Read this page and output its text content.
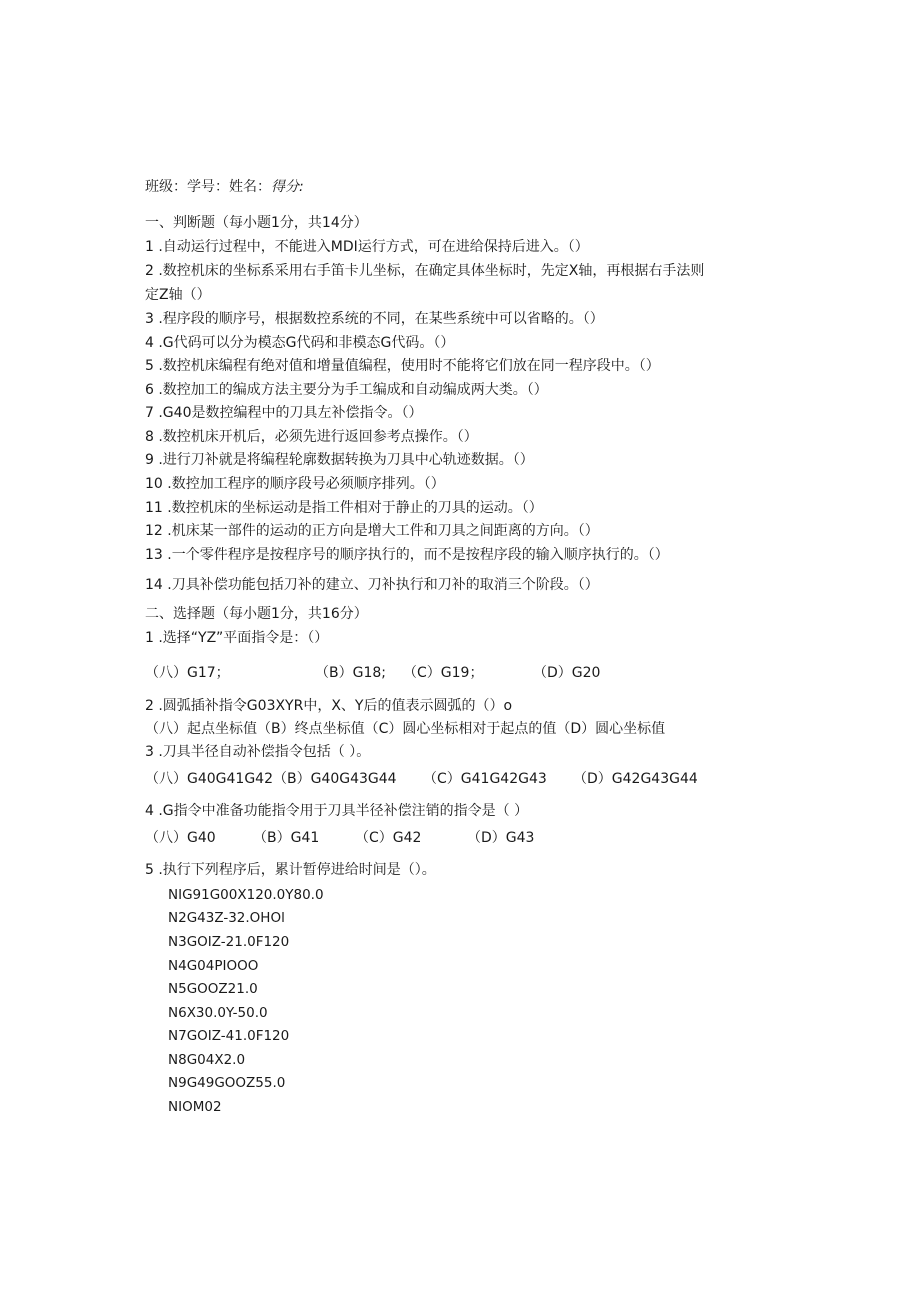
班级：学号：姓名：得分:
一、判断题（每小题1分，共14分）
1 .自动运行过程中，不能进入MDI运行方式，可在进给保持后进入。（）
2 .数控机床的坐标系采用右手笛卡儿坐标，在确定具体坐标时，先定X轴，再根据右手法则
定Z轴（）
3 .程序段的顺序号，根据数控系统的不同，在某些系统中可以省略的。（）
4 .G代码可以分为模态G代码和非模态G代码。（）
5 .数控机床编程有绝对值和增量值编程，使用时不能将它们放在同一程序段中。（）
6 .数控加工的编成方法主要分为手工编成和自动编成两大类。（）
7 .G40是数控编程中的刀具左补偿指令。（）
8 .数控机床开机后，必须先进行返回参考点操作。（）
9 .进行刀补就是将编程轮廓数据转换为刀具中心轨迹数据。（）
10 .数控加工程序的顺序段号必须顺序排列。（）
11 .数控机床的坐标运动是指工件相对于静止的刀具的运动。（）
12 .机床某一部件的运动的正方向是增大工件和刀具之间距离的方向。（）
13 .一个零件程序是按程序号的顺序执行的，而不是按程序段的输入顺序执行的。（）
14 .刀具补偿功能包括刀补的建立、刀补执行和刀补的取消三个阶段。（）
二、选择题（每小题1分，共16分）
1 .选择“YZ”平面指令是：（）
（八）G17；	（B）G18; （C）G19；	（D）G20
2 .圆弧插补指令G03XYR中，X、Y后的值表示圆弧的（）o
（八）起点坐标值（B）终点坐标值（C）圆心坐标相对于起点的值（D）圆心坐标值
3 .刀具半径自动补偿指令包括（ ）。
（八）G40G41G42（B）G40G43G44 （C）G41G42G43 （D）G42G43G44
4 .G指令中准备功能指令用于刀具半径补偿注销的指令是（ ）
（八）G40	（B）G41	（C）G42	（D）G43
5 .执行下列程序后，累计暂停进给时间是（）。
NIG91G00X120.0Y80.0
N2G43Z-32.OHOl
N3GOIZ-21.0F120
N4G04PIOOO
N5GOOZ21.0
N6X30.0Y-50.0
N7GOIZ-41.0F120
N8G04X2.0
N9G49GOOZ55.0
NIOM02
